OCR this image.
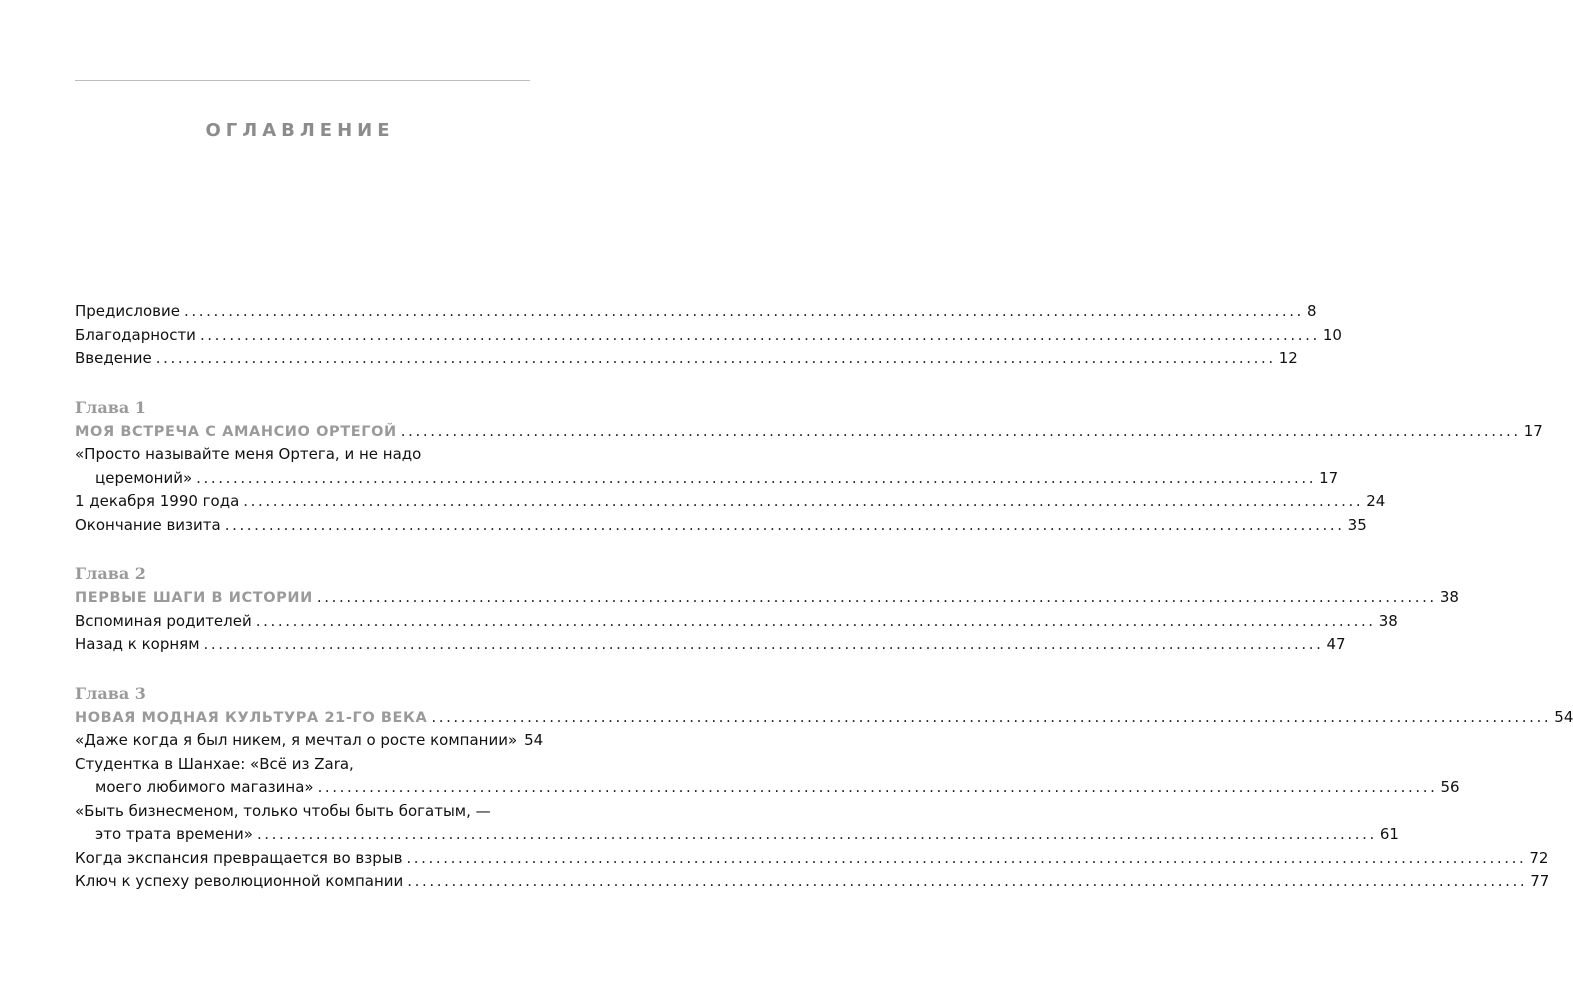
ОГЛАВЛЕНИЕ
Предисловие .....	8
Благодарности .....	10
Введение .....	12
Глава 1
МОЯ ВСТРЕЧА С АМАНСИО ОРТЕГОЙ .....	17
«Просто называйте меня Ортега, и не надо
церемоний» .....	17
1 декабря 1990 года .....	24
Окончание визита .....	35
Глава 2
ПЕРВЫЕ ШАГИ В ИСТОРИИ .....	38
Вспоминая родителей .....	38
Назад к корням .....	47
Глава 3
НОВАЯ МОДНАЯ КУЛЬТУРА 21-ГО ВЕКА .....	54
«Даже когда я был никем, я мечтал о росте компании» 54
Студентка в Шанхае: «Всё из Zara,
моего любимого магазина» .....	56
«Быть бизнесменом, только чтобы быть богатым, —
это трата времени» .....	61
Когда экспансия превращается во взрыв .....	72
Ключ к успеху революционной компании .....	77
